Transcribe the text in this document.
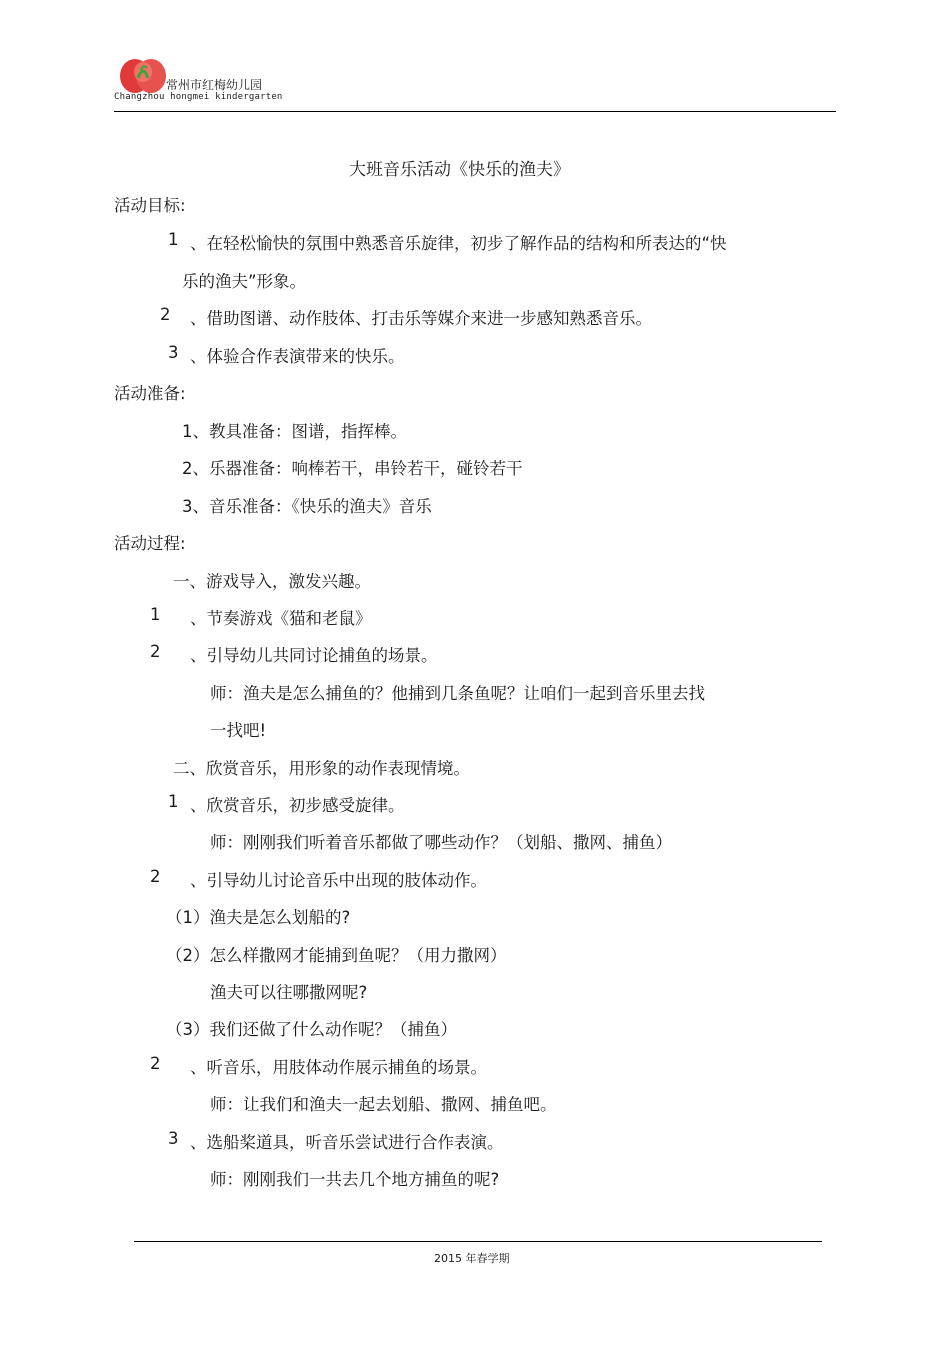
常州市红梅幼儿园
Changzhou hongmei kindergarten
大班音乐活动《快乐的渔夫》
活动目标:
1 、在轻松愉快的氛围中熟悉音乐旋律，初步了解作品的结构和所表达的“快
乐的渔夫”形象。
2 、借助图谱、动作肢体、打击乐等媒介来进一步感知熟悉音乐。
3 、体验合作表演带来的快乐。
活动准备:
1、教具准备：图谱，指挥棒。
2、乐器准备：响棒若干，串铃若干，碰铃若干
3、音乐准备：《快乐的渔夫》音乐
活动过程:
一、游戏导入，激发兴趣。
1 、节奏游戏《猫和老鼠》
2 、引导幼儿共同讨论捕鱼的场景。
师：渔夫是怎么捕鱼的？他捕到几条鱼呢？让咱们一起到音乐里去找
一找吧!
二、欣赏音乐，用形象的动作表现情境。
1 、欣赏音乐，初步感受旋律。
师：刚刚我们听着音乐都做了哪些动作？（划船、撒网、捕鱼）
2 、引导幼儿讨论音乐中出现的肢体动作。
（1）渔夫是怎么划船的?
（2）怎么样撒网才能捕到鱼呢？（用力撒网）
渔夫可以往哪撒网呢?
（3）我们还做了什么动作呢？（捕鱼）
2 、听音乐，用肢体动作展示捕鱼的场景。
师：让我们和渔夫一起去划船、撒网、捕鱼吧。
3 、选船桨道具，听音乐尝试进行合作表演。
师：刚刚我们一共去几个地方捕鱼的呢?
2015 年春学期
